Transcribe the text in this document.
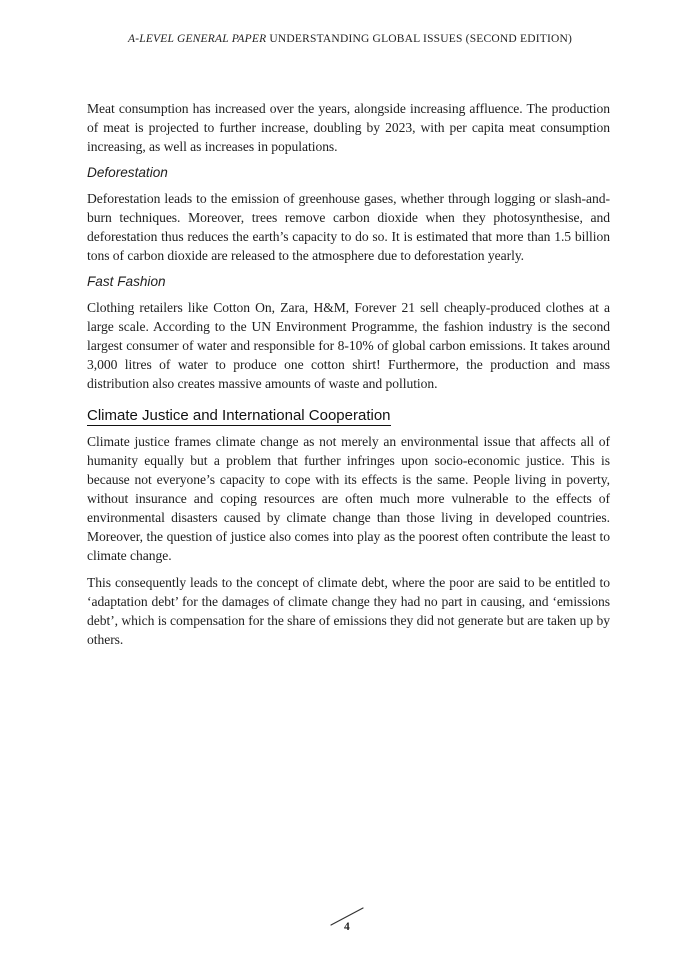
A-LEVEL GENERAL PAPER UNDERSTANDING GLOBAL ISSUES (SECOND EDITION)

Meat consumption has increased over the years, alongside increasing affluence. The production of meat is projected to further increase, doubling by 2023, with per capita meat consumption increasing, as well as increases in populations.

Deforestation

Deforestation leads to the emission of greenhouse gases, whether through logging or slash-and-burn techniques. Moreover, trees remove carbon dioxide when they photosynthesise, and deforestation thus reduces the earth’s capacity to do so. It is estimated that more than 1.5 billion tons of carbon dioxide are released to the atmosphere due to deforestation yearly.

Fast Fashion

Clothing retailers like Cotton On, Zara, H&M, Forever 21 sell cheaply-produced clothes at a large scale. According to the UN Environment Programme, the fashion industry is the second largest consumer of water and responsible for 8-10% of global carbon emissions. It takes around 3,000 litres of water to produce one cotton shirt! Furthermore, the production and mass distribution also creates massive amounts of waste and pollution.

Climate Justice and International Cooperation

Climate justice frames climate change as not merely an environmental issue that affects all of humanity equally but a problem that further infringes upon socio-economic justice. This is because not everyone’s capacity to cope with its effects is the same. People living in poverty, without insurance and coping resources are often much more vulnerable to the effects of environmental disasters caused by climate change than those living in developed countries. Moreover, the question of justice also comes into play as the poorest often contribute the least to climate change.

This consequently leads to the concept of climate debt, where the poor are said to be entitled to ‘adaptation debt’ for the damages of climate change they had no part in causing, and ‘emissions debt’, which is compensation for the share of emissions they did not generate but are taken up by others.

4
